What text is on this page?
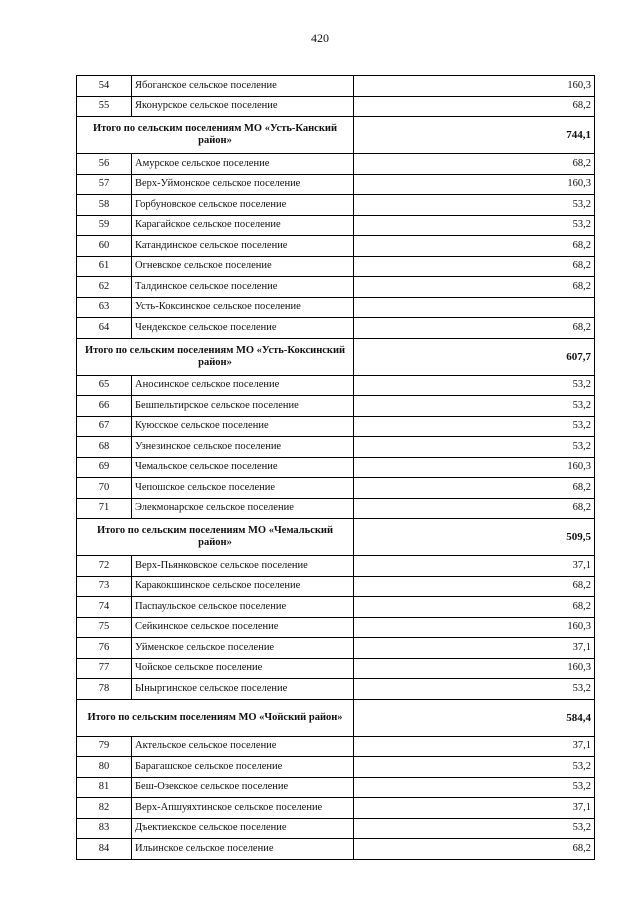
420
54	Ябоганское сельское поселение	160,3
55	Яконурское сельское поселение	68,2
Итого по сельским поселениям МО «Усть-Канский район»		744,1
56	Амурское сельское поселение	68,2
57	Верх-Уймонское сельское поселение	160,3
58	Горбуновское сельское поселение	53,2
59	Карагайское сельское поселение	53,2
60	Катандинское сельское поселение	68,2
61	Огневское сельское поселение	68,2
62	Талдинское сельское поселение	68,2
63	Усть-Коксинское сельское поселение	
64	Чендекское сельское поселение	68,2
Итого по сельским поселениям МО «Усть-Коксинский район»		607,7
65	Аносинское сельское поселение	53,2
66	Бешпельтирское сельское поселение	53,2
67	Куюсское сельское поселение	53,2
68	Узнезинское сельское поселение	53,2
69	Чемальское сельское поселение	160,3
70	Чепошское сельское поселение	68,2
71	Элекмонарское сельское поселение	68,2
Итого по сельским поселениям МО «Чемальский район»		509,5
72	Верх-Пьянковское сельское поселение	37,1
73	Каракокшинское сельское поселение	68,2
74	Паспаульское сельское поселение	68,2
75	Сейкинское сельское поселение	160,3
76	Уймeнское сельское поселение	37,1
77	Чойское сельское поселение	160,3
78	Ыныргинское сельское поселение	53,2
Итого по сельским поселениям МО «Чойский район»		584,4
79	Актельское сельское поселение	37,1
80	Барагашское сельское поселение	53,2
81	Беш-Озекское сельское поселение	53,2
82	Верх-Апшуяхтинское сельское поселение	37,1
83	Дъектиекское сельское поселение	53,2
84	Ильинское сельское поселение	68,2
